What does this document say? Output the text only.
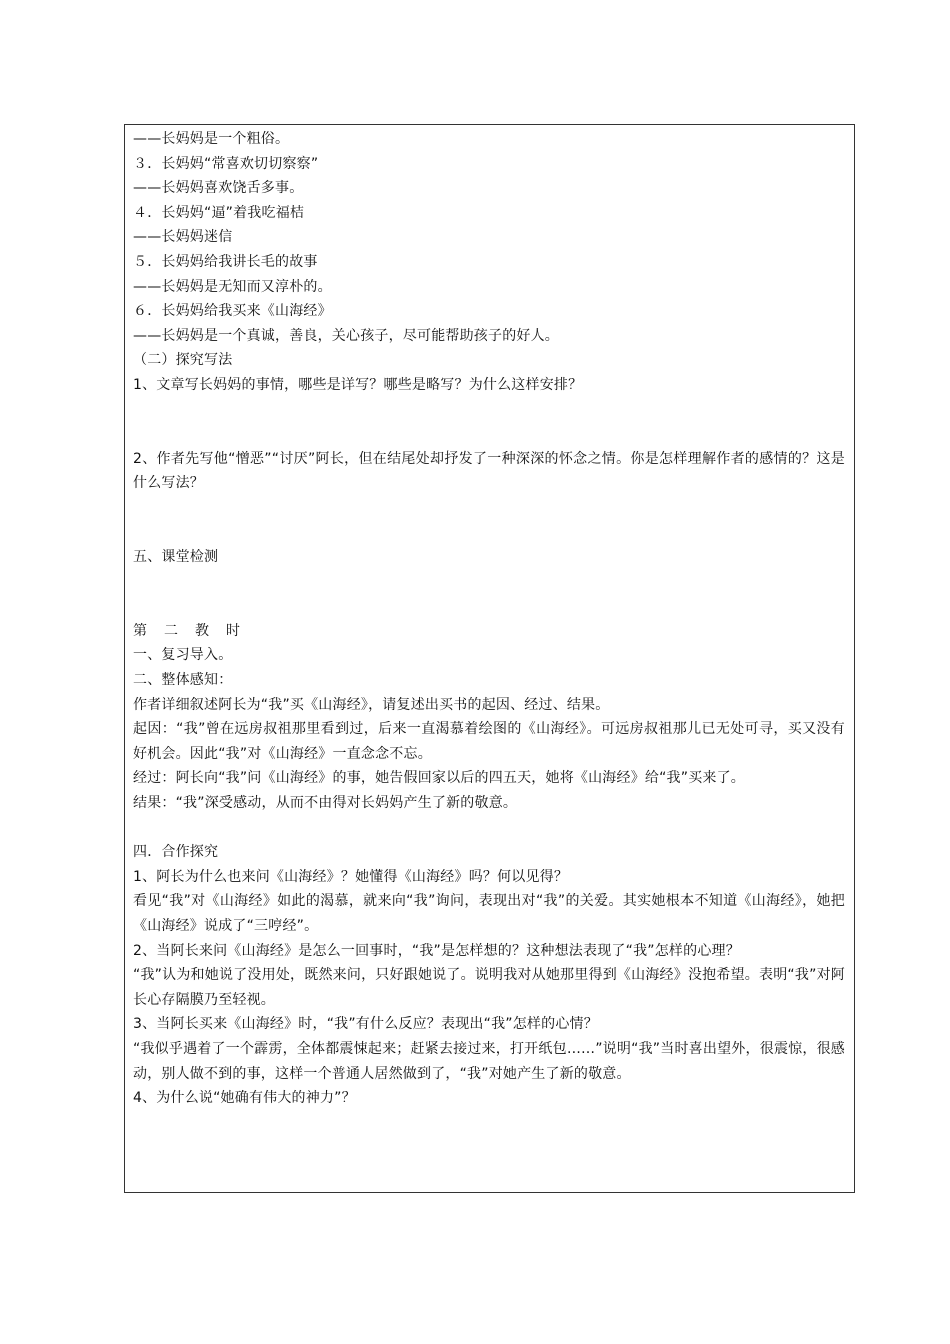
——长妈妈是一个粗俗。
３．长妈妈“常喜欢切切察察”
——长妈妈喜欢饶舌多事。
４．长妈妈“逼”着我吃福桔
——长妈妈迷信
５．长妈妈给我讲长毛的故事
——长妈妈是无知而又淳朴的。
６．长妈妈给我买来《山海经》
——长妈妈是一个真诚，善良，关心孩子，尽可能帮助孩子的好人。
（二）探究写法
1、文章写长妈妈的事情，哪些是详写？哪些是略写？为什么这样安排？
2、作者先写他“憎恶”“讨厌”阿长，但在结尾处却抒发了一种深深的怀念之情。你是怎样理解作者的感情的？这是什么写法？
五、课堂检测
第二教时
一、复习导入。
二、整体感知：
作者详细叙述阿长为“我”买《山海经》，请复述出买书的起因、经过、结果。
起因：“我”曾在远房叔祖那里看到过，后来一直渴慕着绘图的《山海经》。可远房叔祖那儿已无处可寻，买又没有好机会。因此“我”对《山海经》一直念念不忘。
经过：阿长向“我”问《山海经》的事，她告假回家以后的四五天，她将《山海经》给“我”买来了。
结果：“我”深受感动，从而不由得对长妈妈产生了新的敬意。
四．合作探究
1、阿长为什么也来问《山海经》？她懂得《山海经》吗？何以见得？
看见“我”对《山海经》如此的渴慕，就来向“我”询问，表现出对“我”的关爱。其实她根本不知道《山海经》，她把《山海经》说成了“三哼经”。
2、当阿长来问《山海经》是怎么一回事时，“我”是怎样想的？这种想法表现了“我”怎样的心理？
“我”认为和她说了没用处，既然来问，只好跟她说了。说明我对从她那里得到《山海经》没抱希望。表明“我”对阿长心存隔膜乃至轻视。
3、当阿长买来《山海经》时，“我”有什么反应？表现出“我”怎样的心情？
“我似乎遇着了一个霹雳，全体都震悚起来；赶紧去接过来，打开纸包……”说明“我”当时喜出望外，很震惊，很感动，别人做不到的事，这样一个普通人居然做到了，“我”对她产生了新的敬意。
4、为什么说“她确有伟大的神力”？
